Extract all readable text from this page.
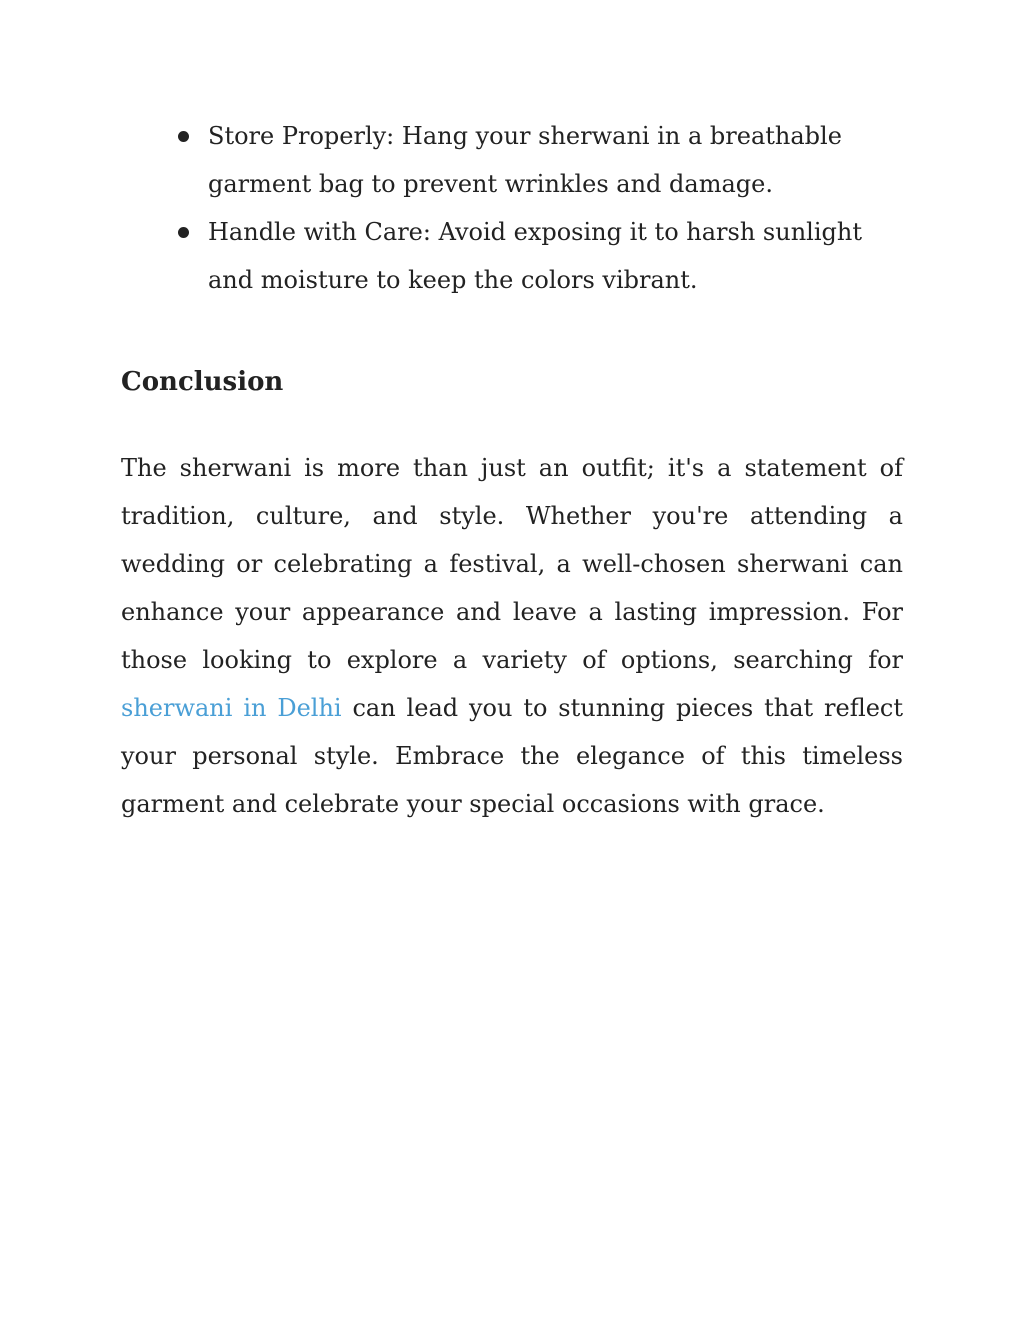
Store Properly: Hang your sherwani in a breathable garment bag to prevent wrinkles and damage.
Handle with Care: Avoid exposing it to harsh sunlight and moisture to keep the colors vibrant.
Conclusion

The sherwani is more than just an outfit; it's a statement of tradition, culture, and style. Whether you're attending a wedding or celebrating a festival, a well-chosen sherwani can enhance your appearance and leave a lasting impression. For those looking to explore a variety of options, searching for sherwani in Delhi can lead you to stunning pieces that reflect your personal style. Embrace the elegance of this timeless garment and celebrate your special occasions with grace.
